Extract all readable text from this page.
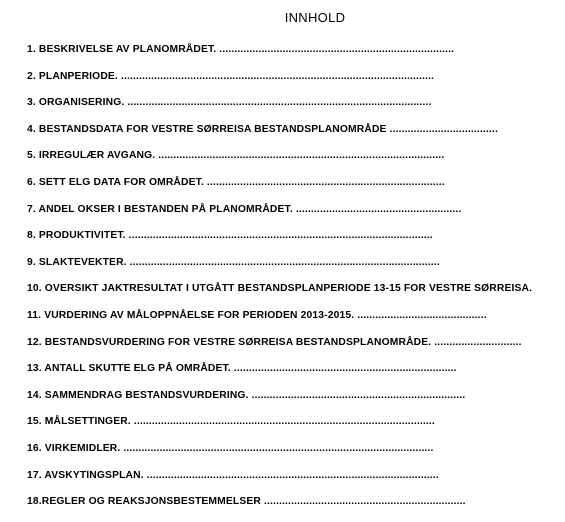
INNHOLD
1. BESKRIVELSE AV PLANOMRÅDET. ..............................................................................
2. PLANPERIODE. ........................................................................................................
3. ORGANISERING. .....................................................................................................
4. BESTANDSDATA FOR VESTRE SØRREISA BESTANDSPLANOMRÅDE ....................................
5. IRREGULÆR AVGANG. ...............................................................................................
6. SETT ELG DATA FOR OMRÅDET. ...............................................................................
7. ANDEL OKSER I BESTANDEN PÅ PLANOMRÅDET. .......................................................
8. PRODUKTIVITET. .....................................................................................................
9. SLAKTEVEKTER. .......................................................................................................
10. OVERSIKT JAKTRESULTAT I UTGÅTT BESTANDSPLANPERIODE 13-15 FOR VESTRE SØRREISA.
11. VURDERING AV MÅLOPPNÅELSE FOR PERIODEN 2013-2015. ...........................................
12. BESTANDSVURDERING FOR VESTRE SØRREISA BESTANDSPLANOMRÅDE. .............................
13. ANTALL SKUTTE ELG PÅ OMRÅDET. ..........................................................................
14. SAMMENDRAG BESTANDSVURDERING. .......................................................................
15. MÅLSETTINGER. ....................................................................................................
16. VIRKEMIDLER. .......................................................................................................
17. AVSKYTINGSPLAN. .................................................................................................
18.REGLER OG REAKSJONSBESTEMMELSER ...................................................................
